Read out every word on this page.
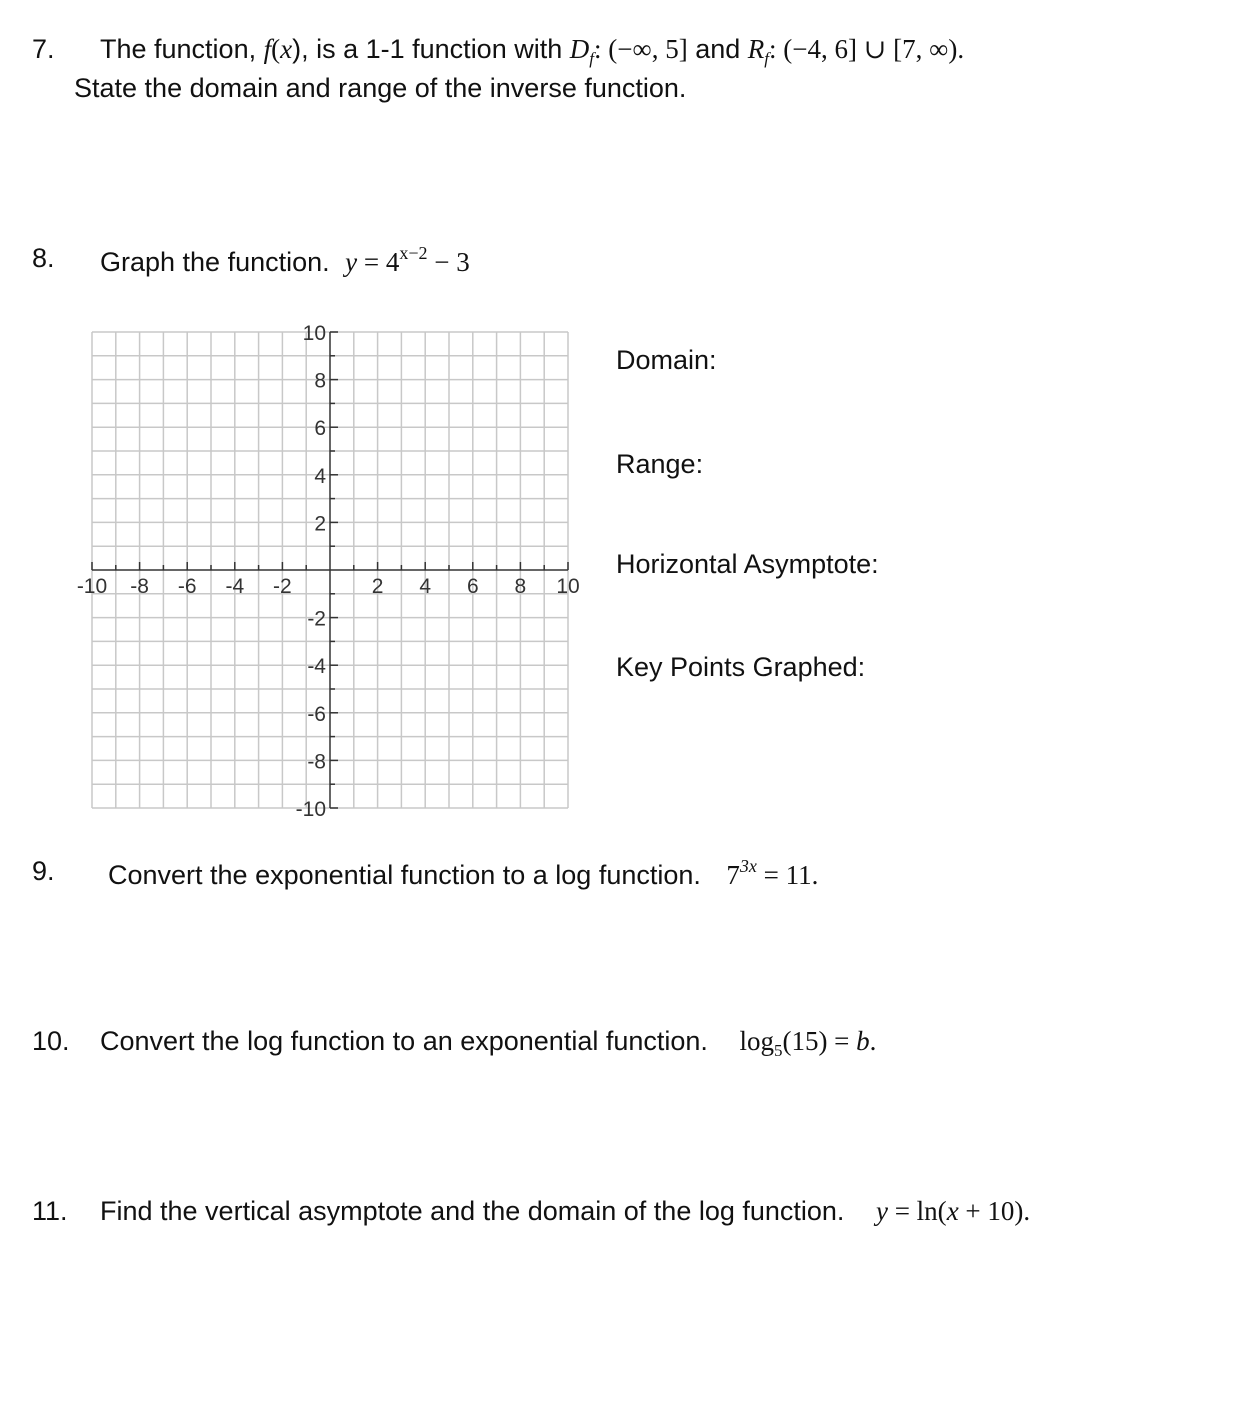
7. The function, f(x), is a 1-1 function with $D_f$: (−∞, 5] and $R_f$: (−4, 6] ∪ [7, ∞).
State the domain and range of the inverse function.
8. Graph the function. $y = 4^{x-2} - 3$
-10 -8 -6 -4 -2	2 4 6 8 10
10
8
6
4
2
-2
-4
-6
-8
-10
Domain:
Range:
Horizontal Asymptote:
Key Points Graphed:
9. Convert the exponential function to a log function. $7^{3x} = 11$.
10. Convert the log function to an exponential function. $\log_5(15) = b$.
11. Find the vertical asymptote and the domain of the log function. y = ln(x + 10).
